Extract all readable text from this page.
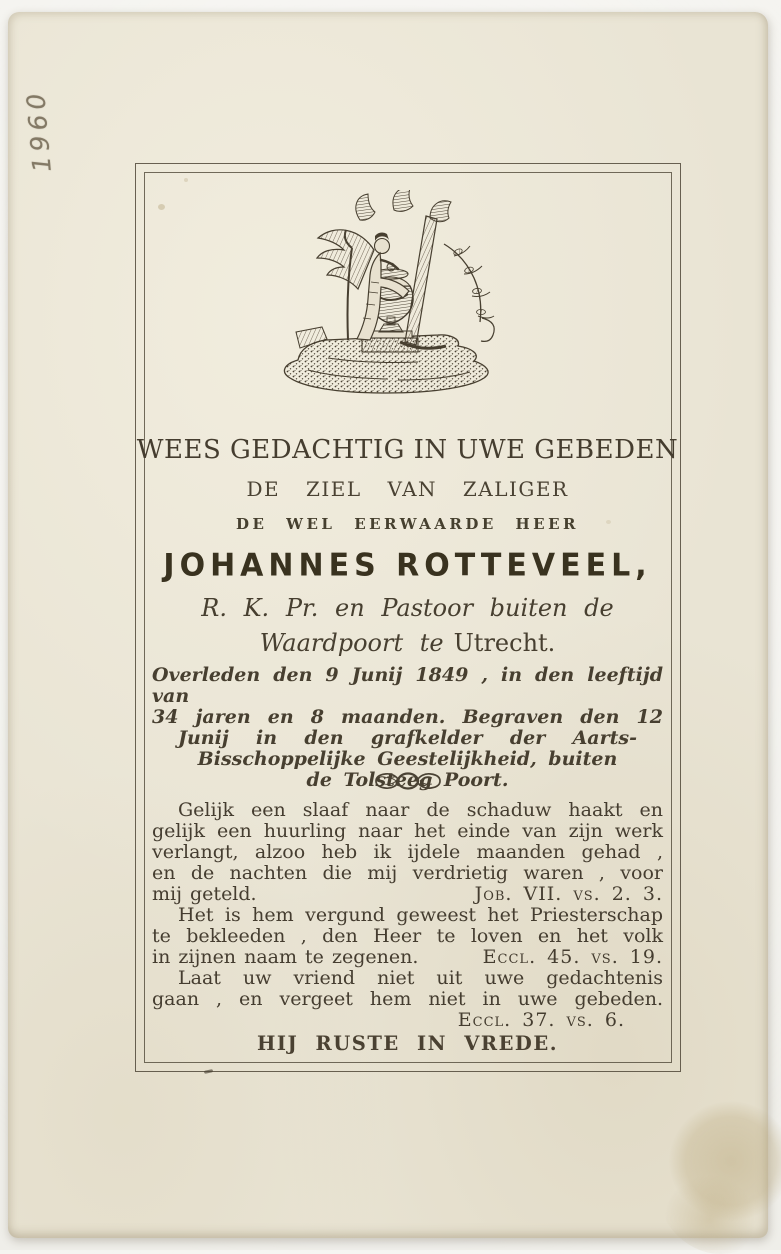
1960
WEES GEDACHTIG IN UWE GEBEDEN
DE ZIEL VAN ZALIGER
DE WEL EERWAARDE HEER
JOHANNES ROTTEVEEL,
R. K. Pr. en Pastoor buiten de
Waardpoort te Utrecht.
Overleden den 9 Junij 1849 , in den leeftijd van
34 jaren en 8 maanden. Begraven den 12
Junij in den grafkelder der Aarts-
Bisschoppelijke Geestelijkheid, buiten
de Tolsteeg Poort.
Gelijk een slaaf naar de schaduw haakt en
gelijk een huurling naar het einde van zijn werk
verlangt, alzoo heb ik ijdele maanden gehad ,
en de nachten die mij verdrietig waren , voor
mij geteld.	Job. VII. vs. 2. 3.
Het is hem vergund geweest het Priesterschap
te bekleeden , den Heer te loven en het volk
in zijnen naam te zegenen.	Eccl. 45. vs. 19.
Laat uw vriend niet uit uwe gedachtenis
gaan , en vergeet hem niet in uwe gebeden.
Eccl. 37. vs. 6.
HIJ RUSTE IN VREDE.
